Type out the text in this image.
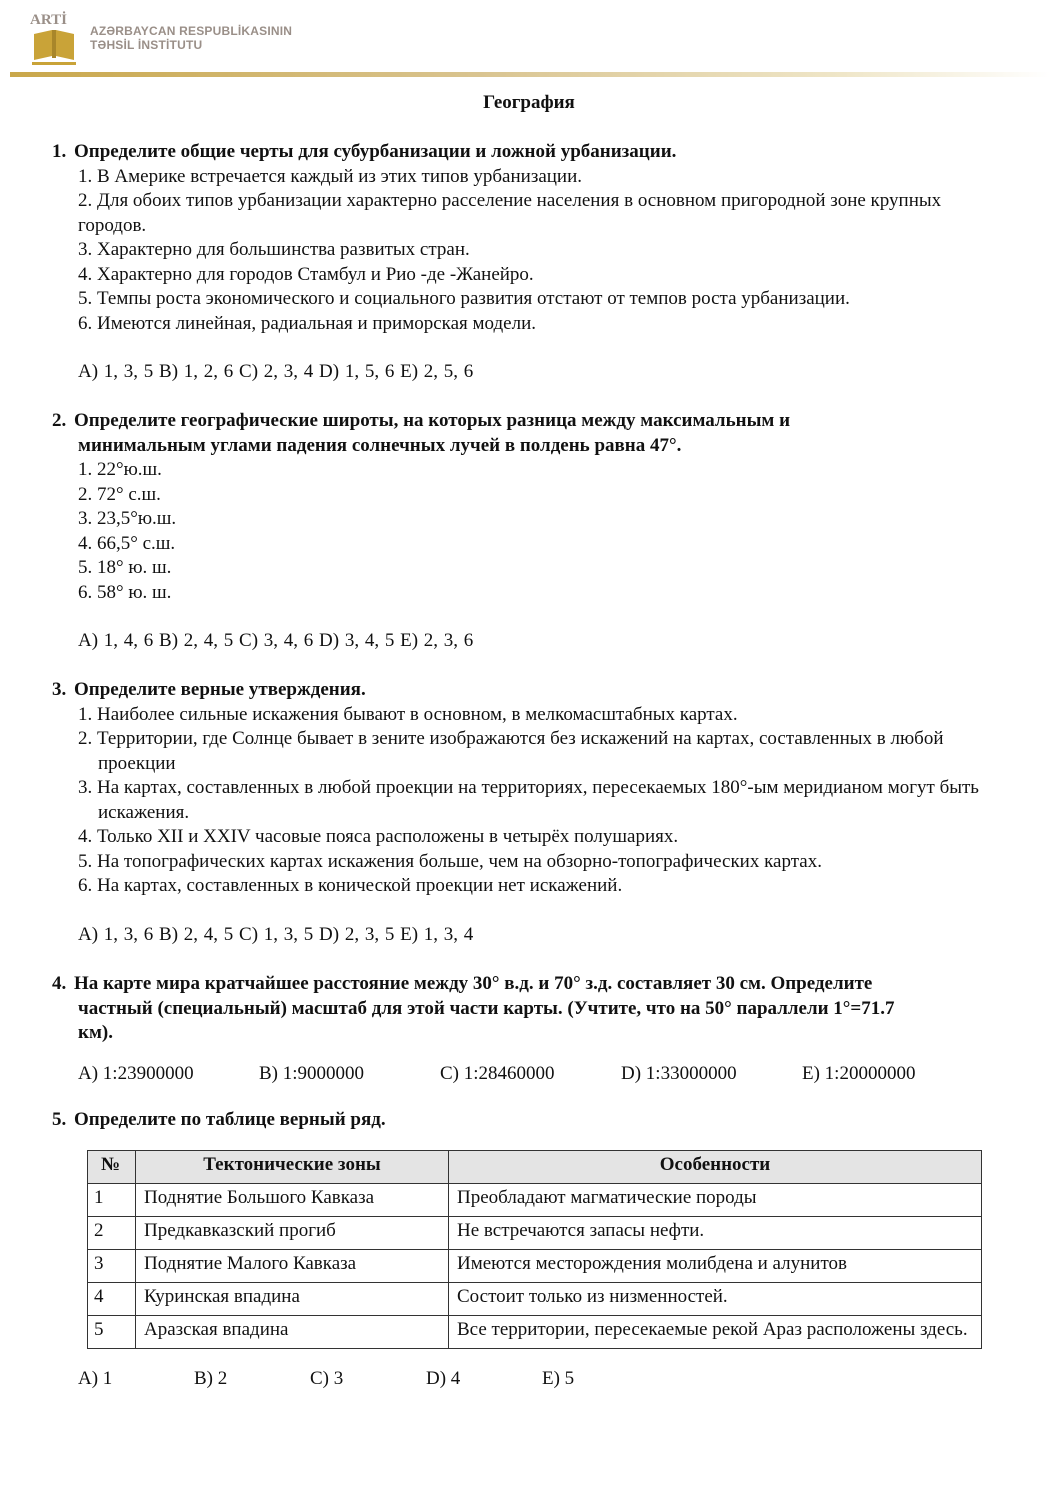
ARTİ
AZƏRBAYCAN RESPUBLİKASININ
TƏHSİL İNSTİTUTU
География
1. Определите общие черты для субурбанизации и ложной урбанизации.
1. В Америке встречается каждый из этих типов урбанизации.
2. Для обоих типов урбанизации характерно расселение населения в основном пригородной зоне крупных городов.
3. Характерно для большинства развитых стран.
4. Характерно для городов Стамбул и Рио -де -Жанейро.
5. Темпы роста экономического и социального развития отстают от темпов роста урбанизации.
6. Имеются линейная, радиальная и приморская модели.
A) 1, 3, 5 B) 1, 2, 6 C) 2, 3, 4 D) 1, 5, 6 E) 2, 5, 6
2. Определите географические широты, на которых разница между максимальным и
минимальным углами падения солнечных лучей в полдень равна 47°.
1. 22°ю.ш.
2. 72° с.ш.
3. 23,5°ю.ш.
4. 66,5° с.ш.
5. 18° ю. ш.
6. 58° ю. ш.
A) 1, 4, 6 B) 2, 4, 5 C) 3, 4, 6 D) 3, 4, 5 E) 2, 3, 6
3. Определите верные утверждения.
1. Наиболее сильные искажения бывают в основном, в мелкомасштабных картах.
2. Территории, где Солнце бывает в зените изображаются без искажений на картах, составленных в любой проекции
3. На картах, составленных в любой проекции на территориях, пересекаемых 180°-ым меридианом могут быть искажения.
4. Только XII и XXIV часовые пояса расположены в четырёх полушариях.
5. На топографических картах искажения больше, чем на обзорно-топографических картах.
6. На картах, составленных в конической проекции нет искажений.
A) 1, 3, 6 B) 2, 4, 5 C) 1, 3, 5 D) 2, 3, 5 E) 1, 3, 4
4. На карте мира кратчайшее расстояние между 30° в.д. и 70° з.д. составляет 30 см. Определите
частный (специальный) масштаб для этой части карты. (Учтите, что на 50° параллели 1°=71.7
км).
A) 1:23900000	B) 1:9000000	C) 1:28460000	D) 1:33000000	E) 1:20000000
5. Определите по таблице верный ряд.
№	Тектонические зоны	Особенности
1	Поднятие Большого Кавказа	Преобладают магматические породы
2	Предкавказский прогиб	Не встречаются запасы нефти.
3	Поднятие Малого Кавказа	Имеются месторождения молибдена и алунитов
4	Куринская впадина	Состоит только из низменностей.
5	Аразская впадина	Все территории, пересекаемые рекой Араз расположены здесь.
A) 1	B) 2	C) 3	D) 4	E) 5
